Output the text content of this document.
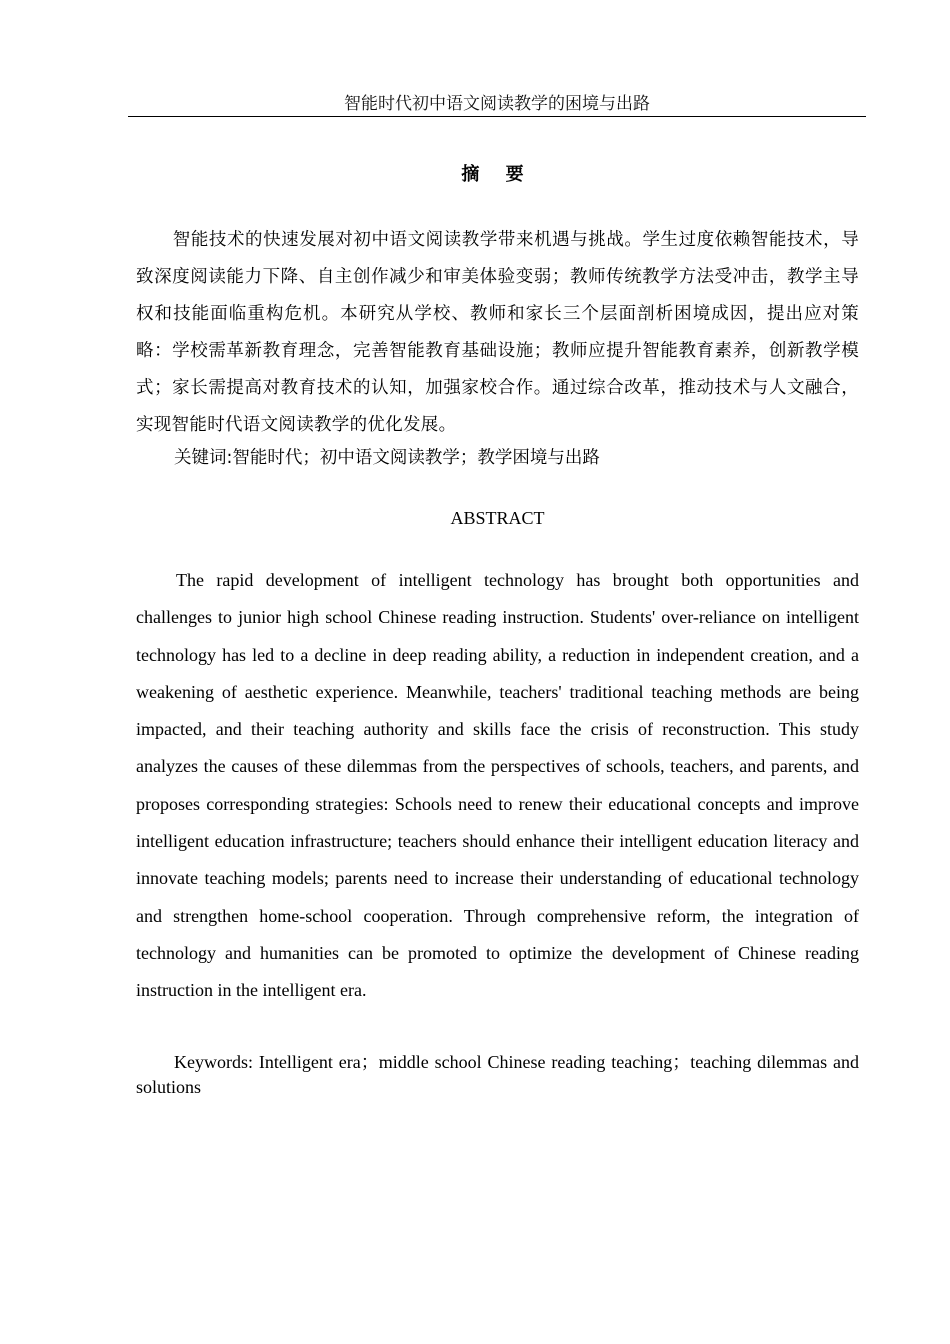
智能时代初中语文阅读教学的困境与出路
摘 要

智能技术的快速发展对初中语文阅读教学带来机遇与挑战。学生过度依赖智能技术，导致深度阅读能力下降、自主创作减少和审美体验变弱；教师传统教学方法受冲击，教学主导权和技能面临重构危机。本研究从学校、教师和家长三个层面剖析困境成因，提出应对策略：学校需革新教育理念，完善智能教育基础设施；教师应提升智能教育素养，创新教学模式；家长需提高对教育技术的认知，加强家校合作。通过综合改革，推动技术与人文融合，实现智能时代语文阅读教学的优化发展。

关键词:智能时代；初中语文阅读教学；教学困境与出路

ABSTRACT

The rapid development of intelligent technology has brought both opportunities and challenges to junior high school Chinese reading instruction. Students' over-reliance on intelligent technology has led to a decline in deep reading ability, a reduction in independent creation, and a weakening of aesthetic experience. Meanwhile, teachers' traditional teaching methods are being impacted, and their teaching authority and skills face the crisis of reconstruction. This study analyzes the causes of these dilemmas from the perspectives of schools, teachers, and parents, and proposes corresponding strategies: Schools need to renew their educational concepts and improve intelligent education infrastructure; teachers should enhance their intelligent education literacy and innovate teaching models; parents need to increase their understanding of educational technology and strengthen home-school cooperation. Through comprehensive reform, the integration of technology and humanities can be promoted to optimize the development of Chinese reading instruction in the intelligent era.

Keywords: Intelligent era；middle school Chinese reading teaching；teaching dilemmas and solutions
